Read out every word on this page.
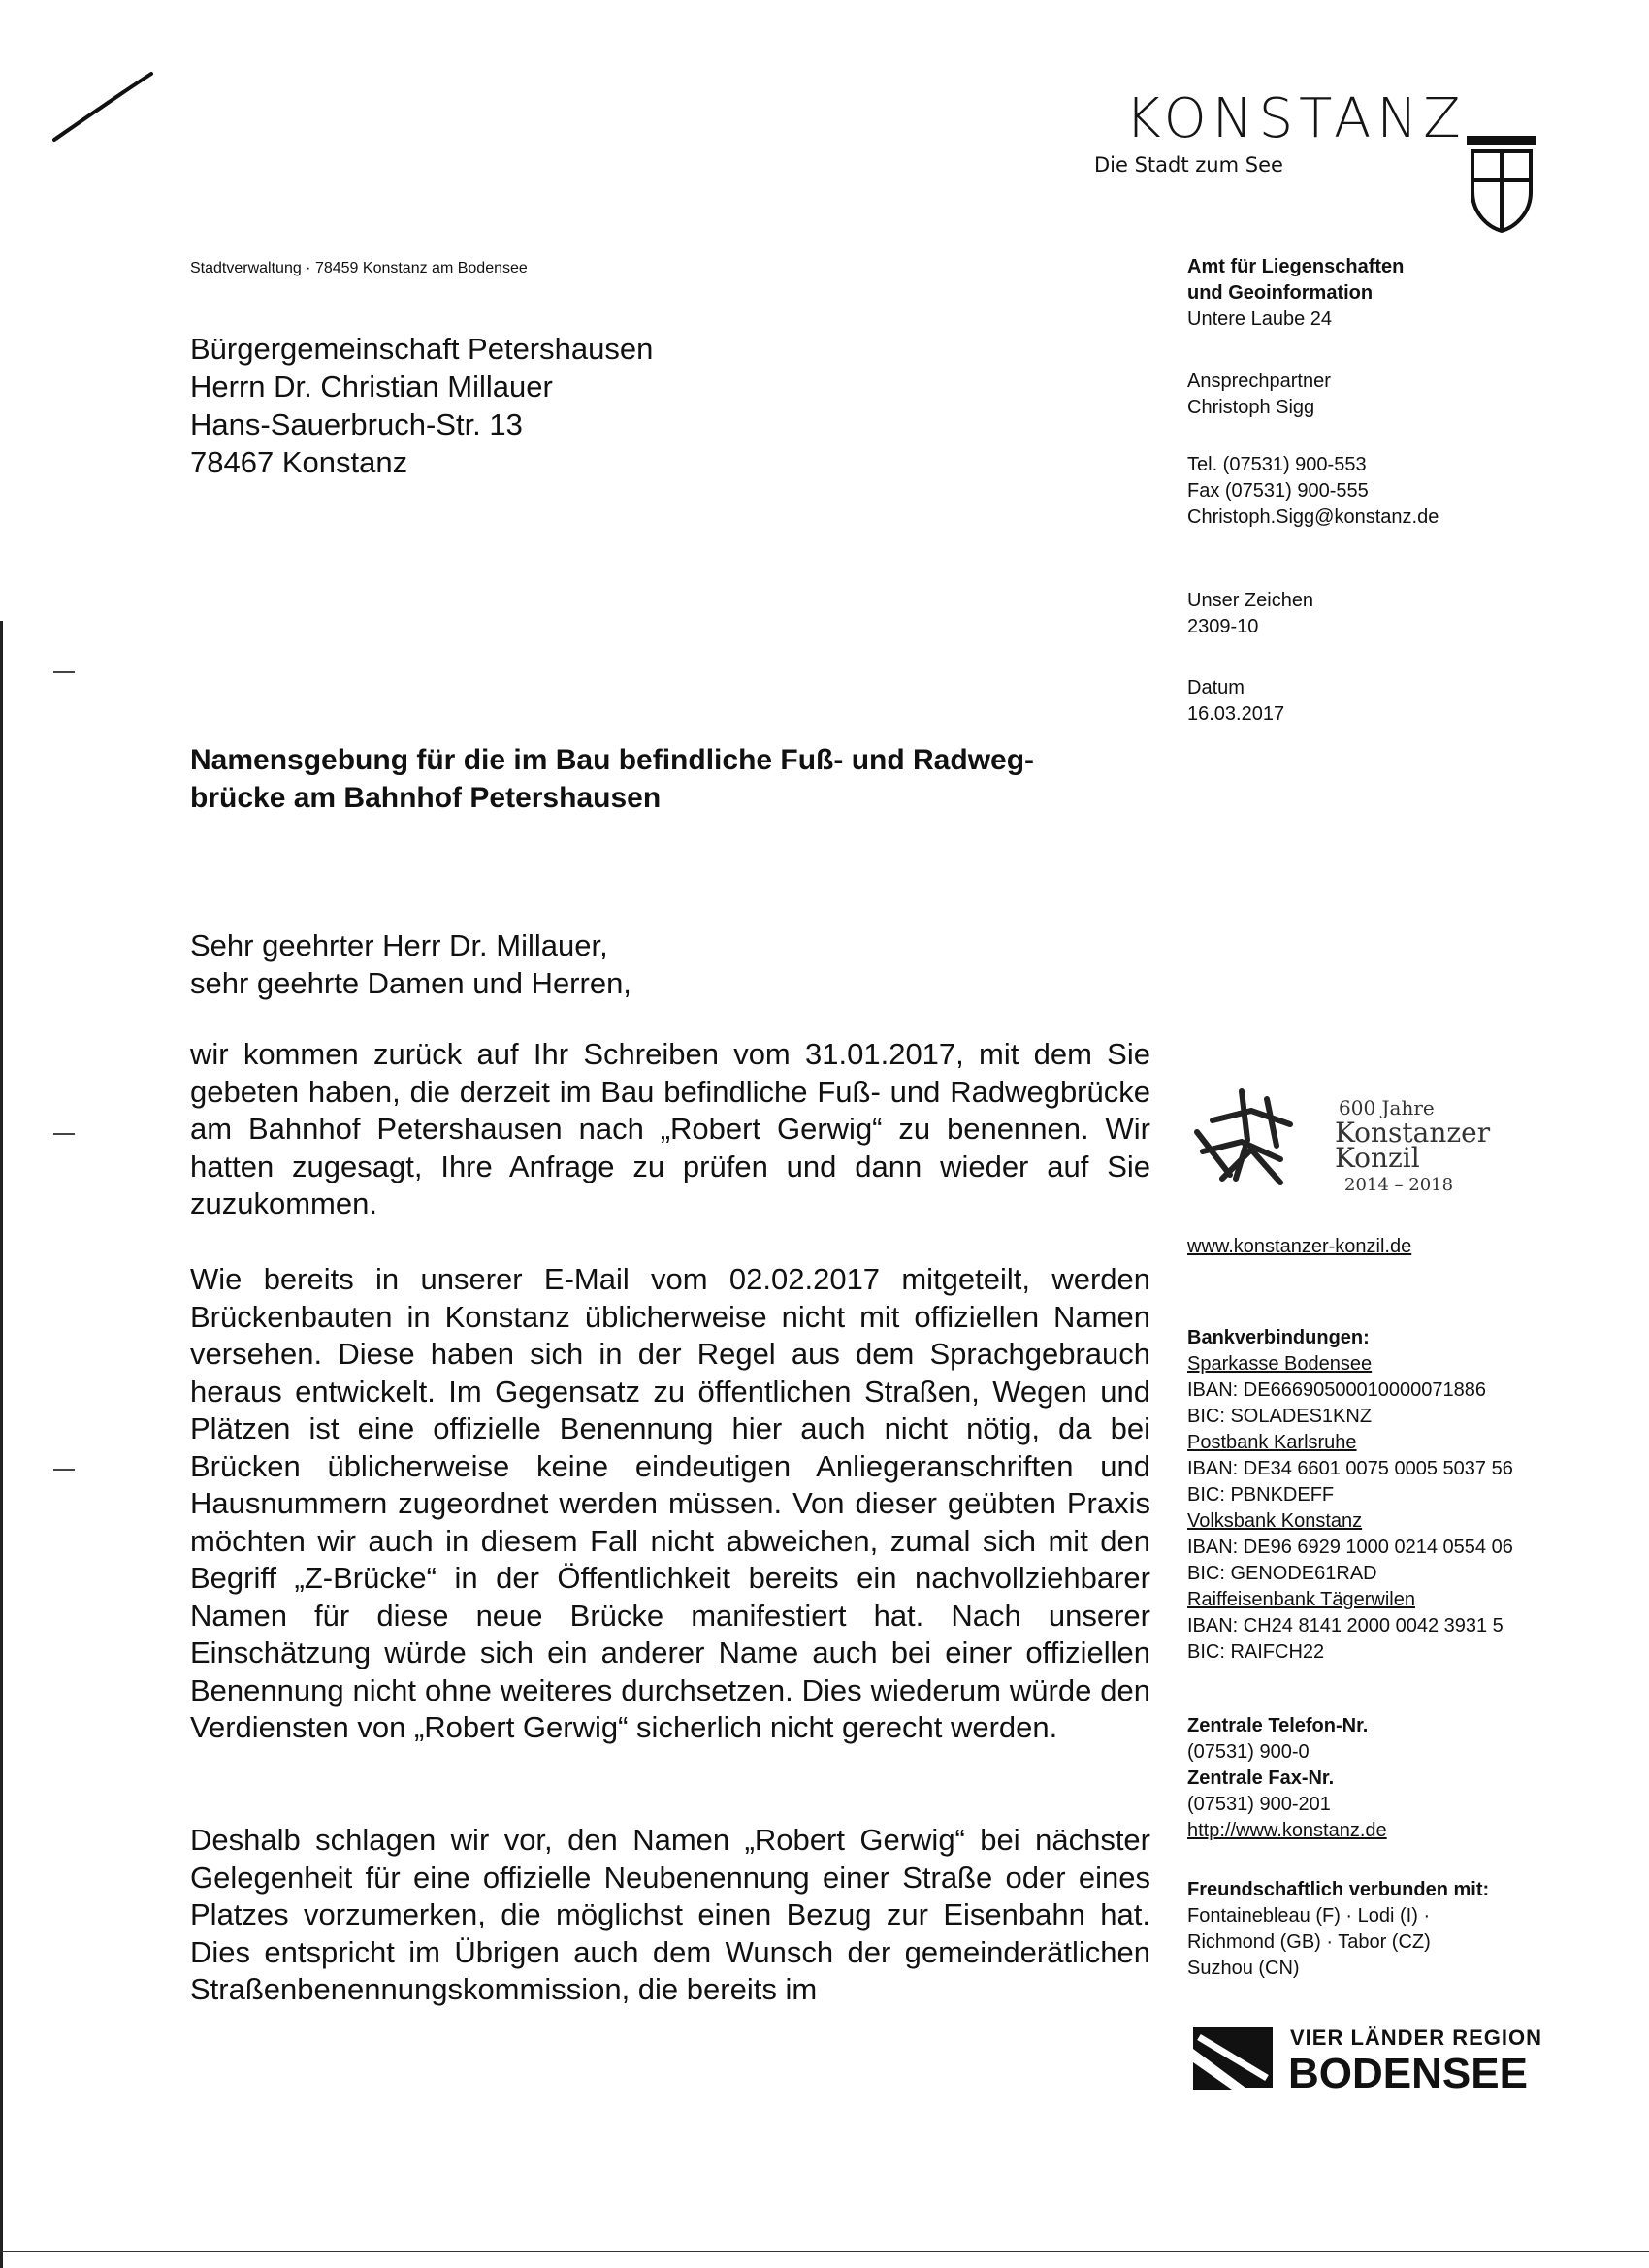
KONSTANZ
Die Stadt zum See
Stadtverwaltung · 78459 Konstanz am Bodensee
Bürgergemeinschaft Petershausen
Herrn Dr. Christian Millauer
Hans-Sauerbruch-Str. 13
78467 Konstanz
Amt für Liegenschaften
und Geoinformation
Untere Laube 24
Ansprechpartner
Christoph Sigg
Tel. (07531) 900-553
Fax (07531) 900-555
Christoph.Sigg@konstanz.de
Unser Zeichen
2309-10
Datum
16.03.2017
600 Jahre
Konstanzer
Konzil
2014 – 2018
www.konstanzer-konzil.de
Bankverbindungen:
Sparkasse Bodensee
IBAN: DE66690500010000071886
BIC: SOLADES1KNZ
Postbank Karlsruhe
IBAN: DE34 6601 0075 0005 5037 56
BIC: PBNKDEFF
Volksbank Konstanz
IBAN: DE96 6929 1000 0214 0554 06
BIC: GENODE61RAD
Raiffeisenbank Tägerwilen
IBAN: CH24 8141 2000 0042 3931 5
BIC: RAIFCH22
Zentrale Telefon-Nr.
(07531) 900-0
Zentrale Fax-Nr.
(07531) 900-201
http://www.konstanz.de
Freundschaftlich verbunden mit:
Fontainebleau (F) · Lodi (I) ·
Richmond (GB) · Tabor (CZ)
Suzhou (CN)
VIER LÄNDER REGION
BODENSEE
Namensgebung für die im Bau befindliche Fuß- und Radweg-
brücke am Bahnhof Petershausen
Sehr geehrter Herr Dr. Millauer,
sehr geehrte Damen und Herren,
wir kommen zurück auf Ihr Schreiben vom 31.01.2017, mit dem Sie gebeten haben, die derzeit im Bau befindliche Fuß- und Radwegbrücke am Bahnhof Petershausen nach „Robert Gerwig“ zu benennen. Wir hatten zugesagt, Ihre Anfrage zu prüfen und dann wieder auf Sie zuzukommen.
Wie bereits in unserer E-Mail vom 02.02.2017 mitgeteilt, werden Brückenbauten in Konstanz üblicherweise nicht mit offiziellen Namen versehen. Diese haben sich in der Regel aus dem Sprachgebrauch heraus entwickelt. Im Gegensatz zu öffentlichen Straßen, Wegen und Plätzen ist eine offizielle Benennung hier auch nicht nötig, da bei Brücken üblicherweise keine eindeutigen Anliegeranschriften und Hausnummern zugeordnet werden müssen. Von dieser geübten Praxis möchten wir auch in diesem Fall nicht abweichen, zumal sich mit den Begriff „Z-Brücke“ in der Öffentlichkeit bereits ein nachvollziehbarer Namen für diese neue Brücke manifestiert hat. Nach unserer Einschätzung würde sich ein anderer Name auch bei einer offiziellen Benennung nicht ohne weiteres durchsetzen. Dies wiederum würde den Verdiensten von „Robert Gerwig“ sicherlich nicht gerecht werden.
Deshalb schlagen wir vor, den Namen „Robert Gerwig“ bei nächster Gelegenheit für eine offizielle Neubenennung einer Straße oder eines Platzes vorzumerken, die möglichst einen Bezug zur Eisenbahn hat. Dies entspricht im Übrigen auch dem Wunsch der gemeinderätlichen Straßenbenennungskommission, die bereits im
